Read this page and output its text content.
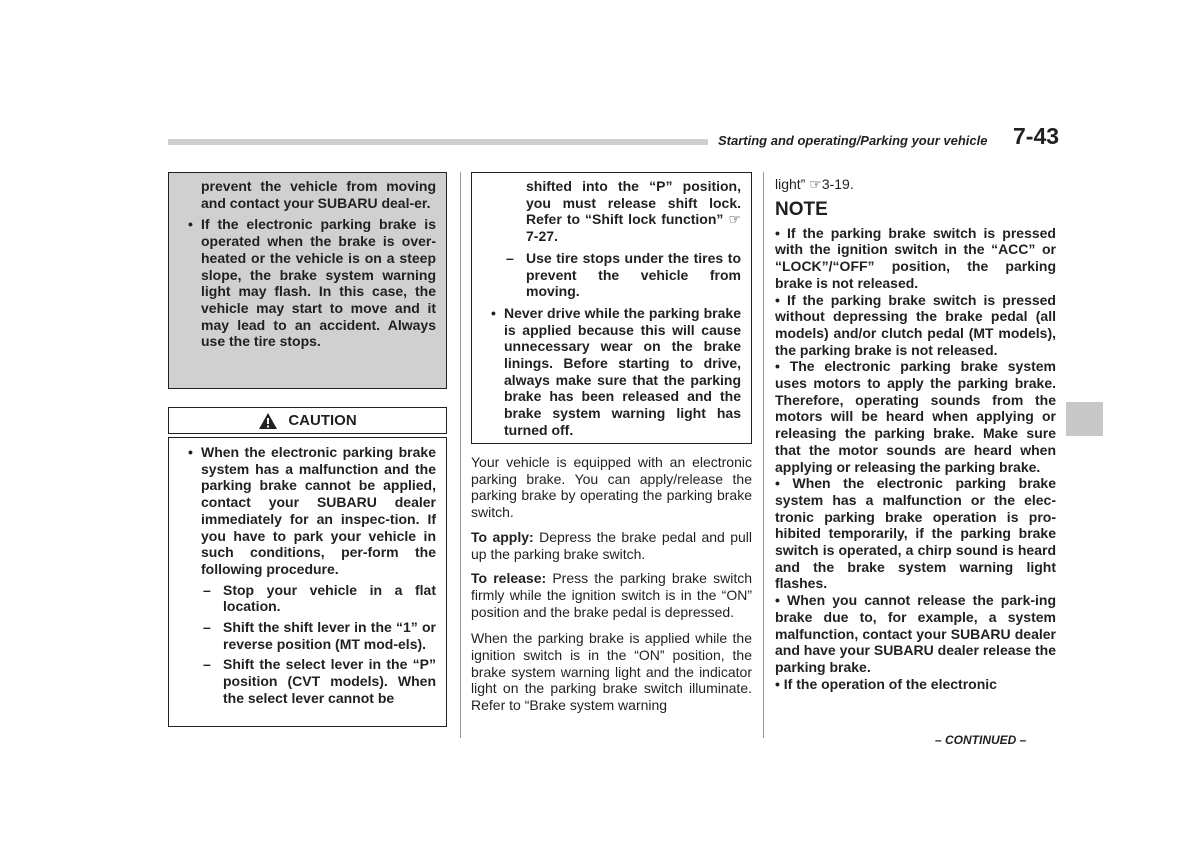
Starting and operating/Parking your vehicle 7-43

prevent the vehicle from moving and contact your SUBARU deal-er.

• If the electronic parking brake is operated when the brake is over-heated or the vehicle is on a steep slope, the brake system warning light may flash. In this case, the vehicle may start to move and it may lead to an accident. Always use the tire stops.

CAUTION

• When the electronic parking brake system has a malfunction and the parking brake cannot be applied, contact your SUBARU dealer immediately for an inspec-tion. If you have to park your vehicle in such conditions, per-form the following procedure.

– Stop your vehicle in a flat location.

– Shift the shift lever in the “1” or reverse position (MT mod-els).

– Shift the select lever in the “P” position (CVT models). When the select lever cannot be

shifted into the “P” position, you must release shift lock. Refer to “Shift lock function” ☞7-27.

– Use tire stops under the tires to prevent the vehicle from moving.

• Never drive while the parking brake is applied because this will cause unnecessary wear on the brake linings. Before starting to drive, always make sure that the parking brake has been released and the brake system warning light has turned off.

Your vehicle is equipped with an electronic parking brake. You can apply/release the parking brake by operating the parking brake switch.

To apply: Depress the brake pedal and pull up the parking brake switch.

To release: Press the parking brake switch firmly while the ignition switch is in the “ON” position and the brake pedal is depressed.

When the parking brake is applied while the ignition switch is in the “ON” position, the brake system warning light and the indicator light on the parking brake switch illuminate. Refer to “Brake system warning

light” ☞3-19.

NOTE

• If the parking brake switch is pressed with the ignition switch in the “ACC” or “LOCK”/“OFF” position, the parking brake is not released.

• If the parking brake switch is pressed without depressing the brake pedal (all models) and/or clutch pedal (MT models), the parking brake is not released.

• The electronic parking brake system uses motors to apply the parking brake. Therefore, operating sounds from the motors will be heard when applying or releasing the parking brake. Make sure that the motor sounds are heard when applying or releasing the parking brake.

• When the electronic parking brake system has a malfunction or the elec-tronic parking brake operation is pro-hibited temporarily, if the parking brake switch is operated, a chirp sound is heard and the brake system warning light flashes.

• When you cannot release the park-ing brake due to, for example, a system malfunction, contact your SUBARU dealer and have your SUBARU dealer release the parking brake.

• If the operation of the electronic

– CONTINUED –
